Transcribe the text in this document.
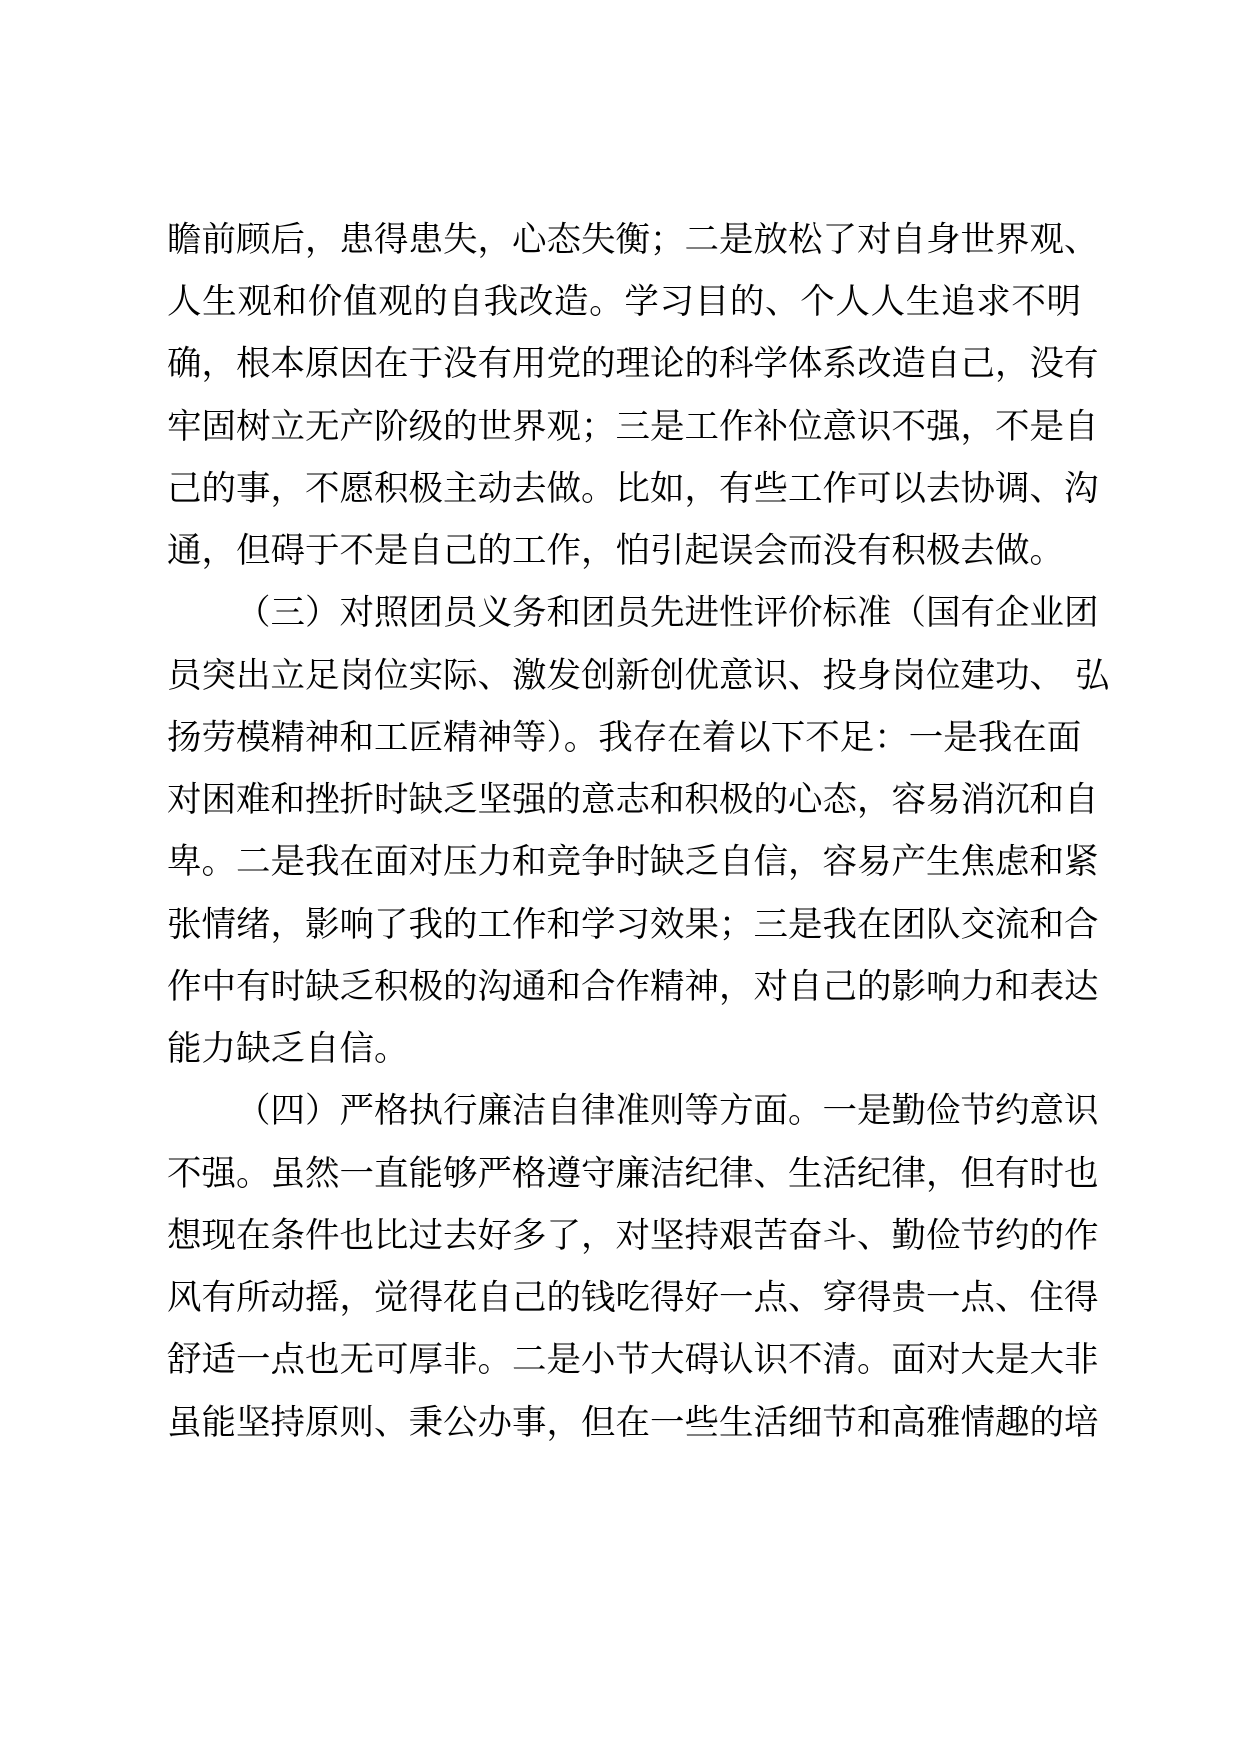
瞻前顾后，患得患失，心态失衡；二是放松了对自身世界观、
人生观和价值观的自我改造。学习目的、个人人生追求不明
确，根本原因在于没有用党的理论的科学体系改造自己，没有
牢固树立无产阶级的世界观；三是工作补位意识不强，不是自
己的事，不愿积极主动去做。比如，有些工作可以去协调、沟
通，但碍于不是自己的工作，怕引起误会而没有积极去做。
（三）对照团员义务和团员先进性评价标准（国有企业团
员突出立足岗位实际、激发创新创优意识、投身岗位建功、 弘
扬劳模精神和工匠精神等）。我存在着以下不足：一是我在面
对困难和挫折时缺乏坚强的意志和积极的心态，容易消沉和自
卑。二是我在面对压力和竞争时缺乏自信，容易产生焦虑和紧
张情绪，影响了我的工作和学习效果；三是我在团队交流和合
作中有时缺乏积极的沟通和合作精神，对自己的影响力和表达
能力缺乏自信。
（四）严格执行廉洁自律准则等方面。一是勤俭节约意识
不强。虽然一直能够严格遵守廉洁纪律、生活纪律，但有时也
想现在条件也比过去好多了，对坚持艰苦奋斗、勤俭节约的作
风有所动摇，觉得花自己的钱吃得好一点、穿得贵一点、住得
舒适一点也无可厚非。二是小节大碍认识不清。面对大是大非
虽能坚持原则、秉公办事，但在一些生活细节和高雅情趣的培
